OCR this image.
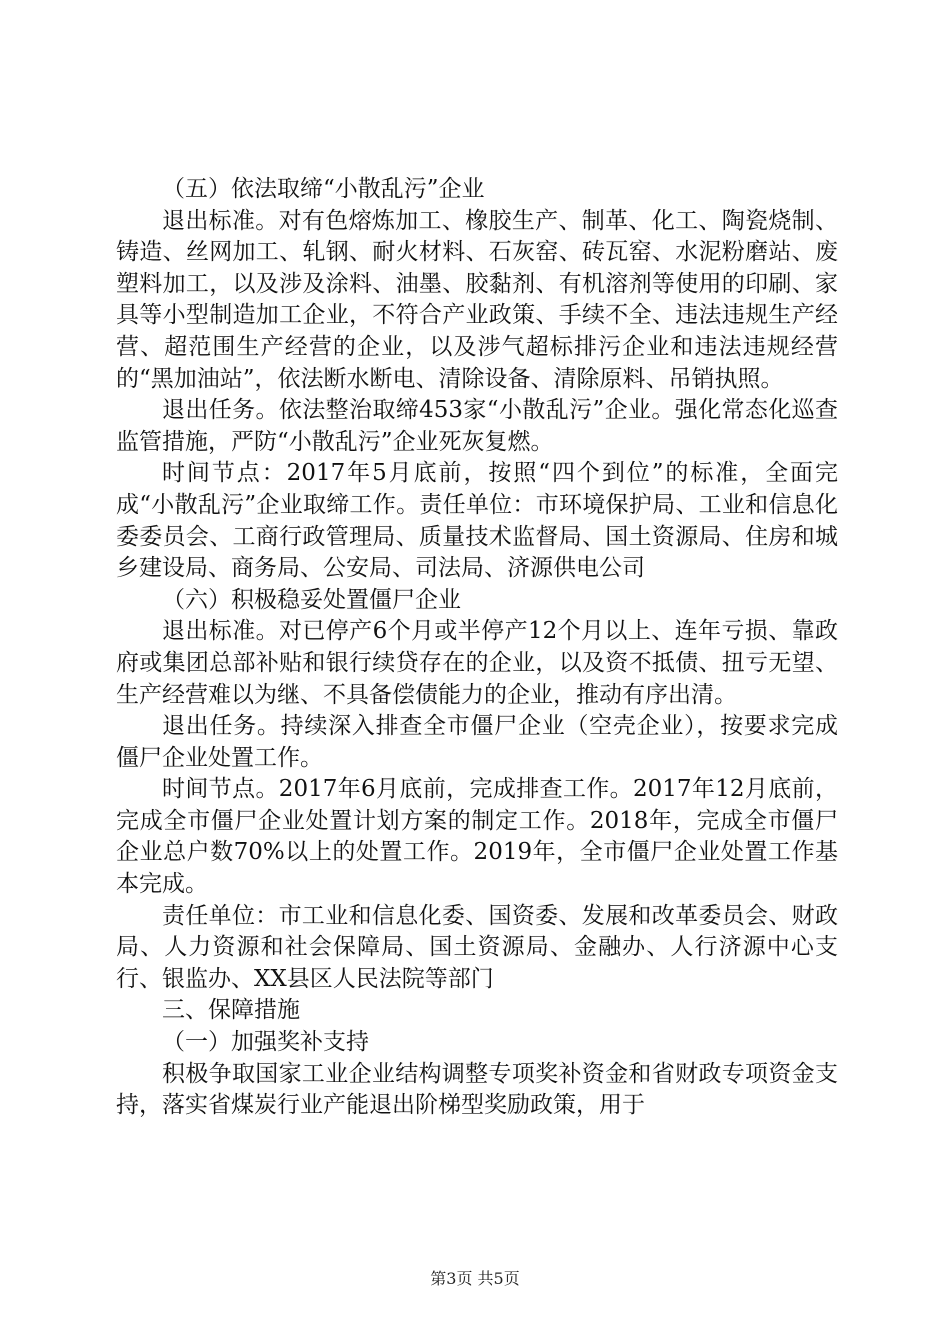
（五）依法取缔“小散乱污”企业

退出标准。对有色熔炼加工、橡胶生产、制革、化工、陶瓷烧制、铸造、丝网加工、轧钢、耐火材料、石灰窑、砖瓦窑、水泥粉磨站、废塑料加工，以及涉及涂料、油墨、胶黏剂、有机溶剂等使用的印刷、家具等小型制造加工企业，不符合产业政策、手续不全、违法违规生产经营、超范围生产经营的企业，以及涉气超标排污企业和违法违规经营的“黑加油站”，依法断水断电、清除设备、清除原料、吊销执照。

退出任务。依法整治取缔453家“小散乱污”企业。强化常态化巡查监管措施，严防“小散乱污”企业死灰复燃。

时间节点：2017年5月底前，按照“四个到位”的标准，全面完成“小散乱污”企业取缔工作。责任单位：市环境保护局、工业和信息化委委员会、工商行政管理局、质量技术监督局、国土资源局、住房和城乡建设局、商务局、公安局、司法局、济源供电公司

（六）积极稳妥处置僵尸企业

退出标准。对已停产6个月或半停产12个月以上、连年亏损、靠政府或集团总部补贴和银行续贷存在的企业，以及资不抵债、扭亏无望、生产经营难以为继、不具备偿债能力的企业，推动有序出清。

退出任务。持续深入排查全市僵尸企业（空壳企业），按要求完成僵尸企业处置工作。

时间节点。2017年6月底前，完成排查工作。2017年12月底前，完成全市僵尸企业处置计划方案的制定工作。2018年，完成全市僵尸企业总户数70%以上的处置工作。2019年，全市僵尸企业处置工作基本完成。

责任单位：市工业和信息化委、国资委、发展和改革委员会、财政局、人力资源和社会保障局、国土资源局、金融办、人行济源中心支行、银监办、XX县区人民法院等部门

三、保障措施

（一）加强奖补支持

积极争取国家工业企业结构调整专项奖补资金和省财政专项资金支持，落实省煤炭行业产能退出阶梯型奖励政策，用于

第3页 共5页
